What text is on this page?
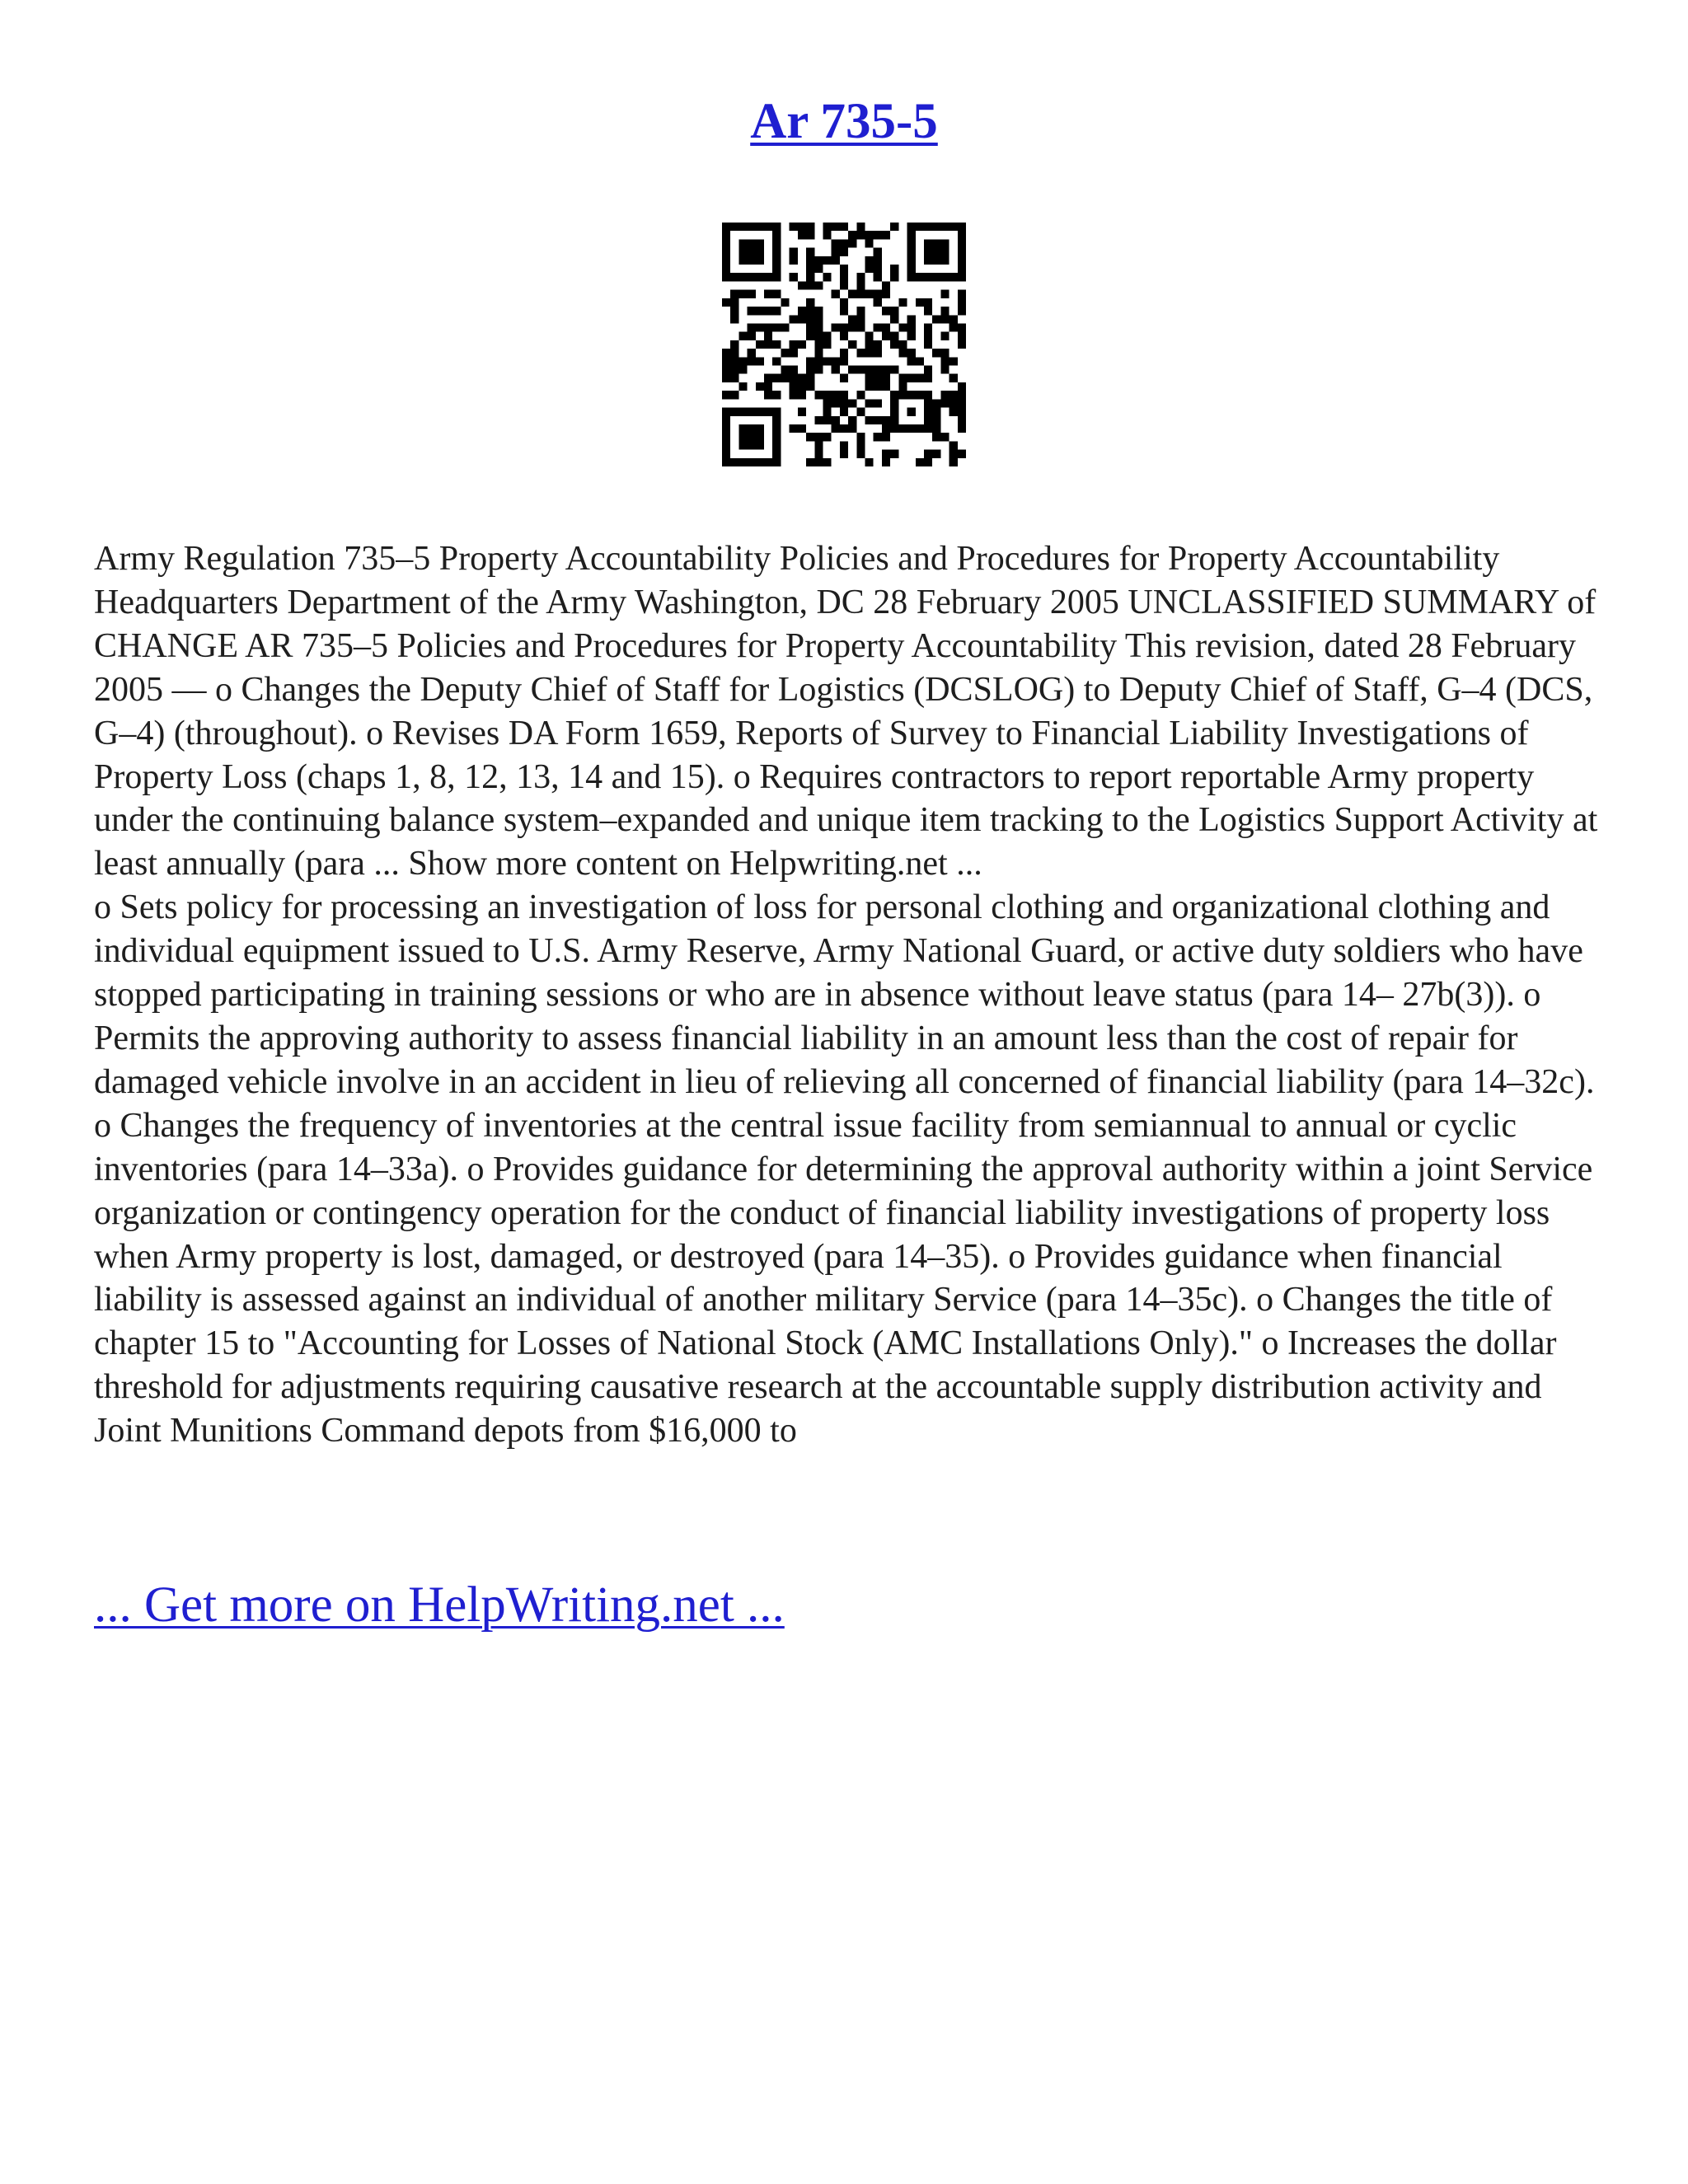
Ar 735-5

Army Regulation 735–5 Property Accountability Policies and Procedures for Property Accountability Headquarters Department of the Army Washington, DC 28 February 2005 UNCLASSIFIED SUMMARY of CHANGE AR 735–5 Policies and Procedures for Property Accountability This revision, dated 28 February 2005 — o Changes the Deputy Chief of Staff for Logistics (DCSLOG) to Deputy Chief of Staff, G–4 (DCS, G–4) (throughout). o Revises DA Form 1659, Reports of Survey to Financial Liability Investigations of Property Loss (chaps 1, 8, 12, 13, 14 and 15). o Requires contractors to report reportable Army property under the continuing balance system–expanded and unique item tracking to the Logistics Support Activity at least annually (para ... Show more content on Helpwriting.net ...

o Sets policy for processing an investigation of loss for personal clothing and organizational clothing and individual equipment issued to U.S. Army Reserve, Army National Guard, or active duty soldiers who have stopped participating in training sessions or who are in absence without leave status (para 14– 27b(3)). o Permits the approving authority to assess financial liability in an amount less than the cost of repair for damaged vehicle involve in an accident in lieu of relieving all concerned of financial liability (para 14–32c). o Changes the frequency of inventories at the central issue facility from semiannual to annual or cyclic inventories (para 14–33a). o Provides guidance for determining the approval authority within a joint Service organization or contingency operation for the conduct of financial liability investigations of property loss when Army property is lost, damaged, or destroyed (para 14–35). o Provides guidance when financial liability is assessed against an individual of another military Service (para 14–35c). o Changes the title of chapter 15 to "Accounting for Losses of National Stock (AMC Installations Only)." o Increases the dollar threshold for adjustments requiring causative research at the accountable supply distribution activity and Joint Munitions Command depots from $16,000 to

... Get more on HelpWriting.net ...
